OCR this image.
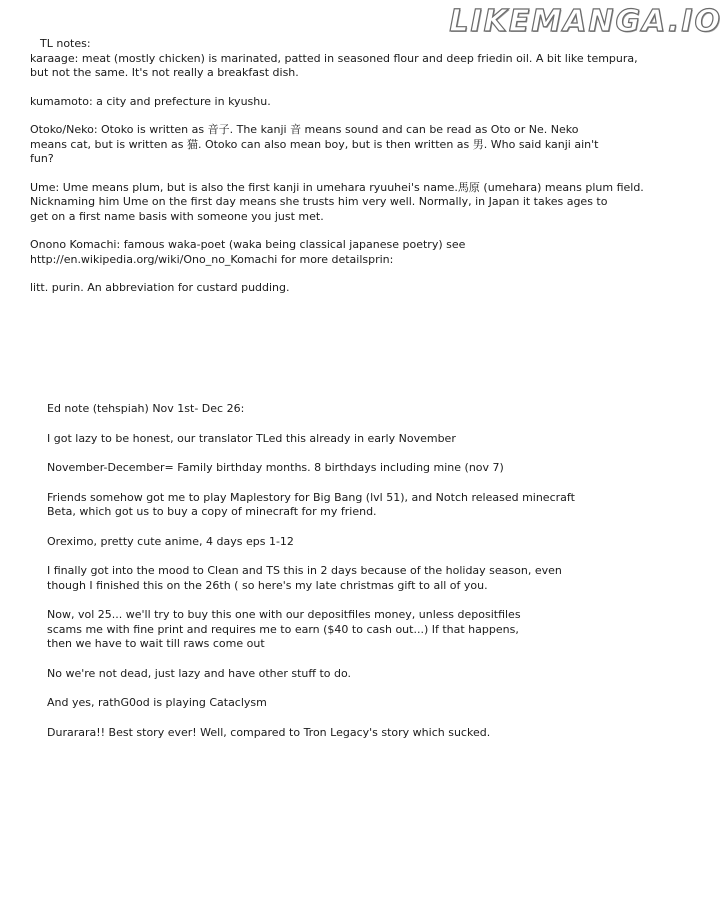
LIKEMANGA.IO

TL notes:

karaage: meat (mostly chicken) is marinated, patted in seasoned flour and deep friedin oil. A bit like tempura,
but not the same. It's not really a breakfast dish.

kumamoto: a city and prefecture in kyushu.

Otoko/Neko: Otoko is written as 音子. The kanji 音 means sound and can be read as Oto or Ne. Neko
means cat, but is written as 猫. Otoko can also mean boy, but is then written as 男. Who said kanji ain't
fun?

Ume: Ume means plum, but is also the first kanji in umehara ryuuhei's name.馬原 (umehara) means plum field.
Nicknaming him Ume on the first day means she trusts him very well. Normally, in Japan it takes ages to
get on a first name basis with someone you just met.

Onono Komachi: famous waka-poet (waka being classical japanese poetry) see
http://en.wikipedia.org/wiki/Ono_no_Komachi for more detailsprin:

litt. purin. An abbreviation for custard pudding.

Ed note (tehspiah) Nov 1st- Dec 26:

I got lazy to be honest, our translator TLed this already in early November

November-December= Family birthday months. 8 birthdays including mine (nov 7)

Friends somehow got me to play Maplestory for Big Bang (lvl 51), and Notch released minecraft
Beta, which got us to buy a copy of minecraft for my friend.

Oreximo, pretty cute anime, 4 days eps 1-12

I finally got into the mood to Clean and TS this in 2 days because of the holiday season, even
though I finished this on the 26th ( so here's my late christmas gift to all of you.

Now, vol 25... we'll try to buy this one with our depositfiles money, unless depositfiles
scams me with fine print and requires me to earn ($40 to cash out...) If that happens,
then we have to wait till raws come out

No we're not dead, just lazy and have other stuff to do.

And yes, rathG0od is playing Cataclysm

Durarara!! Best story ever! Well, compared to Tron Legacy's story which sucked.
